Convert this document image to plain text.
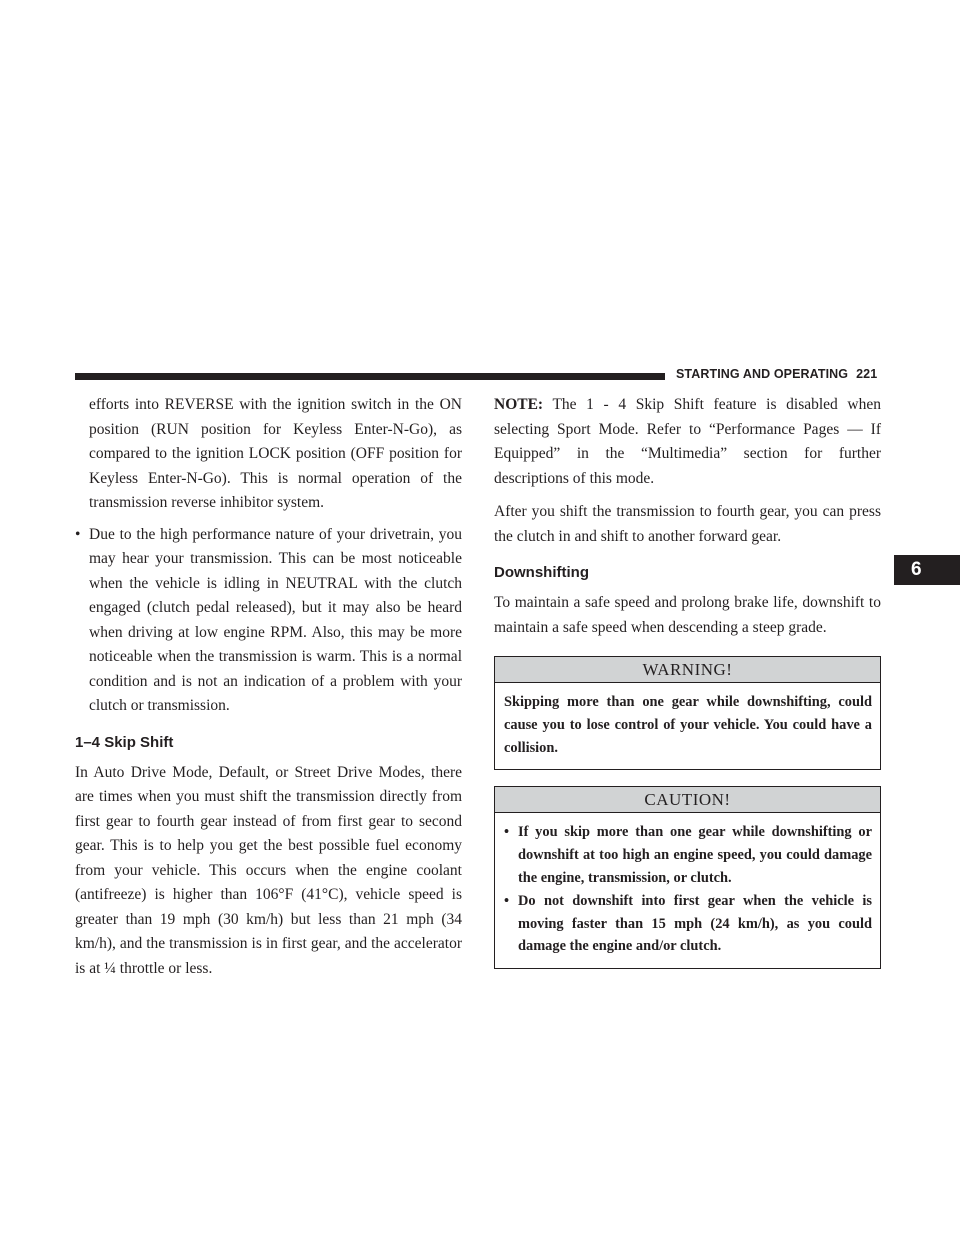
STARTING AND OPERATING 221
6

efforts into REVERSE with the ignition switch in the ON position (RUN position for Keyless Enter-N-Go), as compared to the ignition LOCK position (OFF position for Keyless Enter-N-Go). This is normal operation of the transmission reverse inhibitor system.

• Due to the high performance nature of your drivetrain, you may hear your transmission. This can be most noticeable when the vehicle is idling in NEUTRAL with the clutch engaged (clutch pedal released), but it may also be heard when driving at low engine RPM. Also, this may be more noticeable when the transmission is warm. This is a normal condition and is not an indication of a problem with your clutch or transmission.
1–4 Skip Shift

In Auto Drive Mode, Default, or Street Drive Modes, there are times when you must shift the transmission directly from first gear to fourth gear instead of from first gear to second gear. This is to help you get the best possible fuel economy from your vehicle. This occurs when the engine coolant (antifreeze) is higher than 106°F (41°C), vehicle speed is greater than 19 mph (30 km/h) but less than 21 mph (34 km/h), and the transmission is in first gear, and the accelerator is at ¼ throttle or less.

NOTE: The 1 - 4 Skip Shift feature is disabled when selecting Sport Mode. Refer to “Performance Pages — If Equipped” in the “Multimedia” section for further descriptions of this mode.

After you shift the transmission to fourth gear, you can press the clutch in and shift to another forward gear.

Downshifting

To maintain a safe speed and prolong brake life, downshift to maintain a safe speed when descending a steep grade.

WARNING!

Skipping more than one gear while downshifting, could cause you to lose control of your vehicle. You could have a collision.

CAUTION!
• If you skip more than one gear while downshifting or downshift at too high an engine speed, you could damage the engine, transmission, or clutch.
• Do not downshift into first gear when the vehicle is moving faster than 15 mph (24 km/h), as you could damage the engine and/or clutch.
